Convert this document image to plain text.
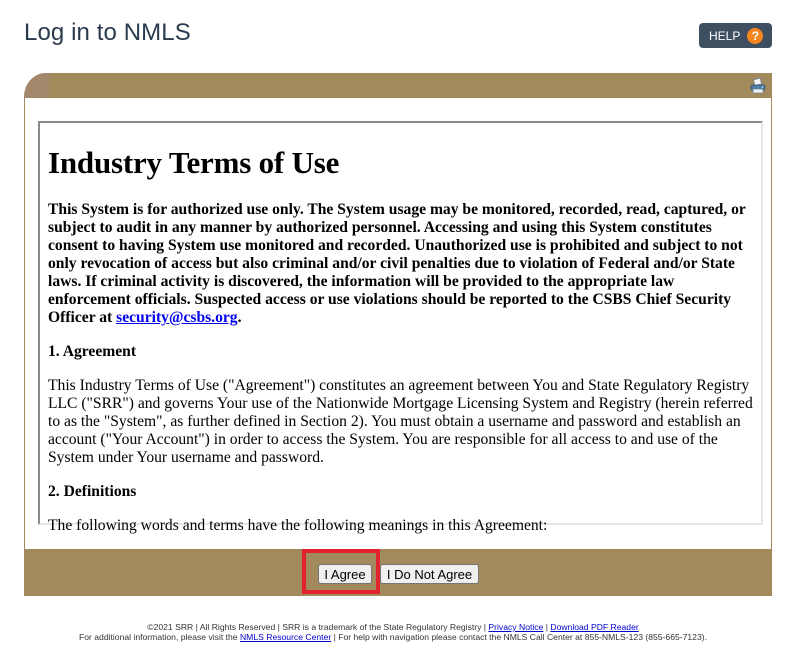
Log in to NMLS	HELP ?
Industry Terms of Use

This System is for authorized use only. The System usage may be monitored, recorded, read, captured, or subject to audit in any manner by authorized personnel. Accessing and using this System constitutes consent to having System use monitored and recorded. Unauthorized use is prohibited and subject to not only revocation of access but also criminal and/or civil penalties due to violation of Federal and/or State laws. If criminal activity is discovered, the information will be provided to the appropriate law enforcement officials. Suspected access or use violations should be reported to the CSBS Chief Security Officer at security@csbs.org.

1. Agreement

This Industry Terms of Use ("Agreement") constitutes an agreement between You and State Regulatory Registry LLC ("SRR") and governs Your use of the Nationwide Mortgage Licensing System and Registry (herein referred to as the "System", as further defined in Section 2). You must obtain a username and password and establish an account ("Your Account") in order to access the System. You are responsible for all access to and use of the System under Your username and password.

2. Definitions

The following words and terms have the following meanings in this Agreement:

I Agree	I Do Not Agree
©2021 SRR | All Rights Reserved | SRR is a trademark of the State Regulatory Registry | Privacy Notice | Download PDF Reader
For additional information, please visit the NMLS Resource Center | For help with navigation please contact the NMLS Call Center at 855-NMLS-123 (855-665-7123).
